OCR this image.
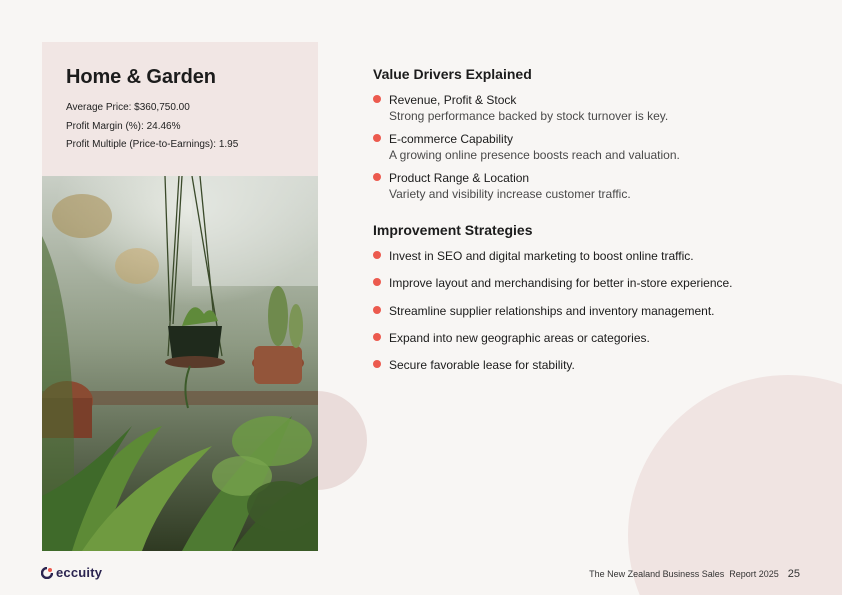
Home & Garden
Average Price: $360,750.00
Profit Margin (%): 24.46%
Profit Multiple (Price-to-Earnings): 1.95
Value Drivers Explained
Revenue, Profit & Stock
Strong performance backed by stock turnover is key.
E-commerce Capability
A growing online presence boosts reach and valuation.
Product Range & Location
Variety and visibility increase customer traffic.
Improvement Strategies
Invest in SEO and digital marketing to boost online traffic.
Improve layout and merchandising for better in-store experience.
Streamline supplier relationships and inventory management.
Expand into new geographic areas or categories.
Secure favorable lease for stability.
eccuity	The New Zealand Business Sales  Report 2025 25
